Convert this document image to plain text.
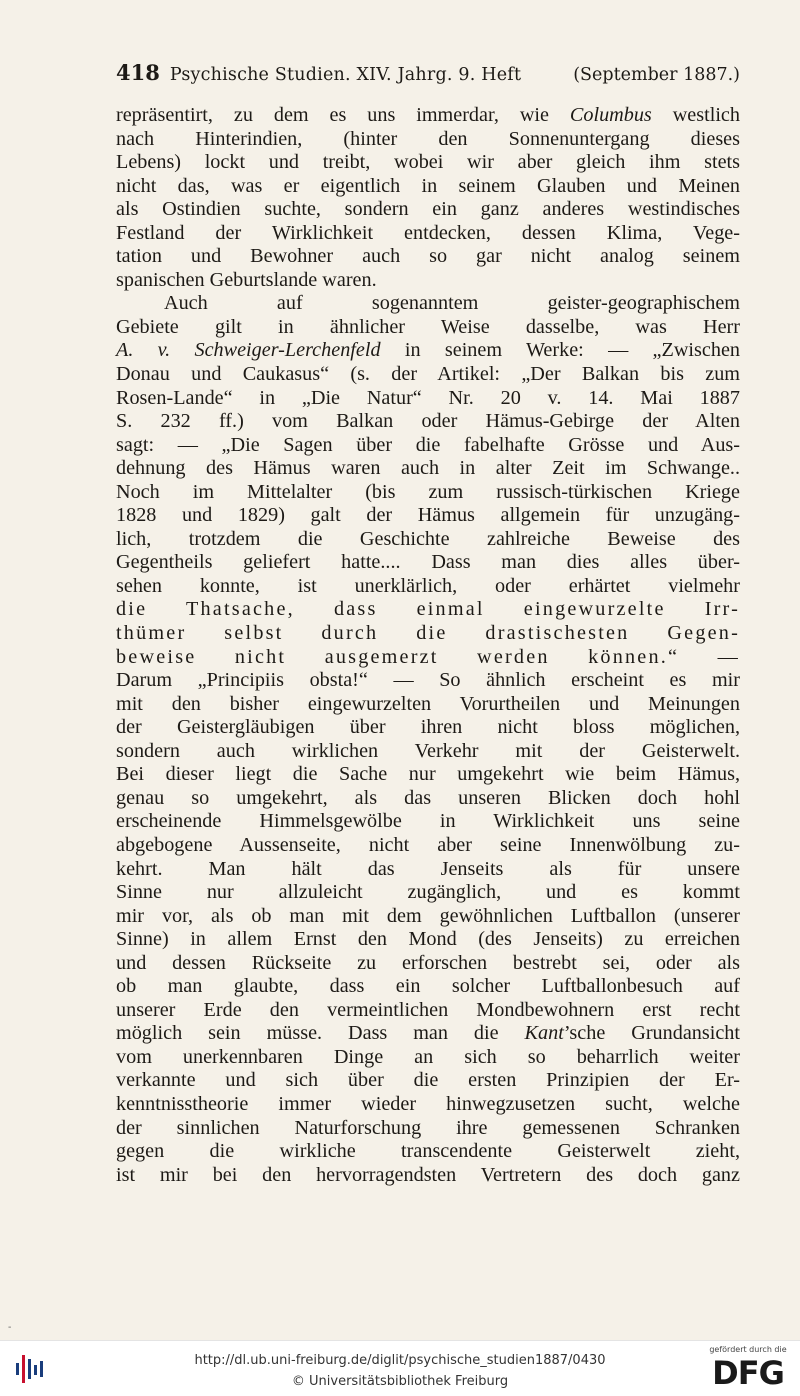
418 Psychische Studien. XIV. Jahrg. 9. Heft	(September 1887.)
repräsentirt, zu dem es uns immerdar, wie Columbus westlich
nach Hinterindien, (hinter den Sonnenuntergang dieses
Lebens) lockt und treibt, wobei wir aber gleich ihm stets
nicht das, was er eigentlich in seinem Glauben und Meinen
als Ostindien suchte, sondern ein ganz anderes westindisches
Festland der Wirklichkeit entdecken, dessen Klima, Vege-
tation und Bewohner auch so gar nicht analog seinem
spanischen Geburtslande waren.
Auch auf sogenanntem geister-geographischem
Gebiete gilt in ähnlicher Weise dasselbe, was Herr
A. v. Schweiger-Lerchenfeld in seinem Werke: — „Zwischen
Donau und Caukasus“ (s. der Artikel: „Der Balkan bis zum
Rosen-Lande“ in „Die Natur“ Nr. 20 v. 14. Mai 1887
S. 232 ff.) vom Balkan oder Hämus-Gebirge der Alten
sagt: — „Die Sagen über die fabelhafte Grösse und Aus-
dehnung des Hämus waren auch in alter Zeit im Schwange..
Noch im Mittelalter (bis zum russisch-türkischen Kriege
1828 und 1829) galt der Hämus allgemein für unzugäng-
lich, trotzdem die Geschichte zahlreiche Beweise des
Gegentheils geliefert hatte.... Dass man dies alles über-
sehen konnte, ist unerklärlich, oder erhärtet vielmehr
die Thatsache, dass einmal eingewurzelte Irr-
thümer selbst durch die drastischesten Gegen-
beweise nicht ausgemerzt werden können.“ —
Darum „Principiis obsta!“ — So ähnlich erscheint es mir
mit den bisher eingewurzelten Vorurtheilen und Meinungen
der Geistergläubigen über ihren nicht bloss möglichen,
sondern auch wirklichen Verkehr mit der Geisterwelt.
Bei dieser liegt die Sache nur umgekehrt wie beim Hämus,
genau so umgekehrt, als das unseren Blicken doch hohl
erscheinende Himmelsgewölbe in Wirklichkeit uns seine
abgebogene Aussenseite, nicht aber seine Innenwölbung zu-
kehrt. Man hält das Jenseits als für unsere
Sinne nur allzuleicht zugänglich, und es kommt
mir vor, als ob man mit dem gewöhnlichen Luftballon (unserer
Sinne) in allem Ernst den Mond (des Jenseits) zu erreichen
und dessen Rückseite zu erforschen bestrebt sei, oder als
ob man glaubte, dass ein solcher Luftballonbesuch auf
unserer Erde den vermeintlichen Mondbewohnern erst recht
möglich sein müsse. Dass man die Kant’sche Grundansicht
vom unerkennbaren Dinge an sich so beharrlich weiter
verkannte und sich über die ersten Prinzipien der Er-
kenntnisstheorie immer wieder hinwegzusetzen sucht, welche
der sinnlichen Naturforschung ihre gemessenen Schranken
gegen die wirkliche transcendente Geisterwelt zieht,
ist mir bei den hervorragendsten Vertretern des doch ganz
-
http://dl.ub.uni-freiburg.de/diglit/psychische_studien1887/0430
© Universitätsbibliothek Freiburg
gefördert durch die
DFG
